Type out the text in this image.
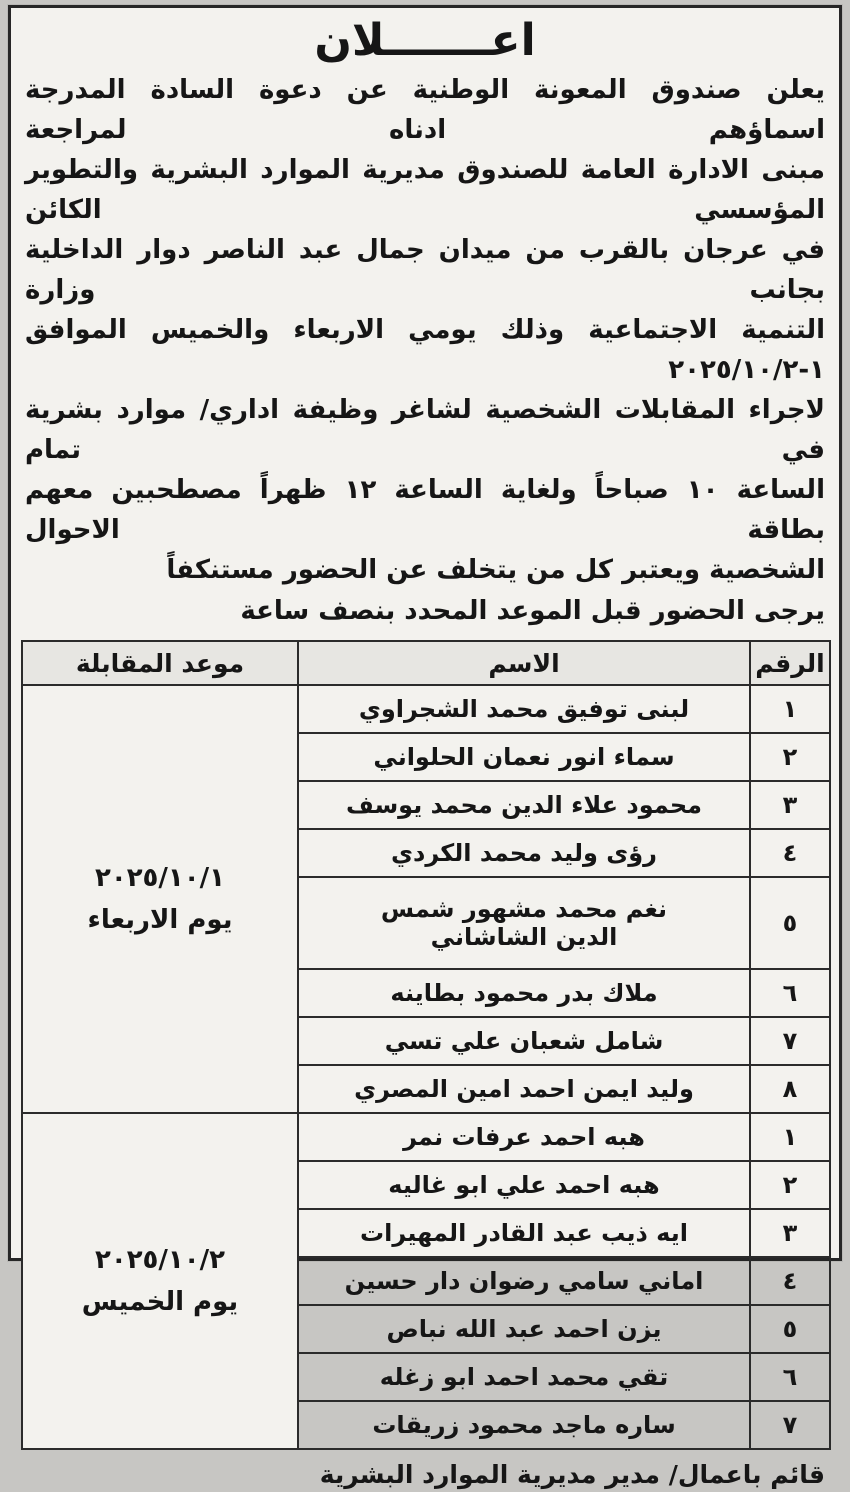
اعـــــــلان
يعلن صندوق المعونة الوطنية عن دعوة السادة المدرجة اسماؤهم ادناه لمراجعة
مبنى الادارة العامة للصندوق مديرية الموارد البشرية والتطوير المؤسسي الكائن
في عرجان بالقرب من ميدان جمال عبد الناصر دوار الداخلية بجانب وزارة
التنمية الاجتماعية وذلك يومي الاربعاء والخميس الموافق ١-٢٠٢٥/١٠/٢
لاجراء المقابلات الشخصية لشاغر وظيفة اداري/ موارد بشرية في تمام
الساعة ١٠ صباحاً ولغاية الساعة ١٢ ظهراً مصطحبين معهم بطاقة الاحوال
الشخصية ويعتبر كل من يتخلف عن الحضور مستنكفاً
يرجى الحضور قبل الموعد المحدد بنصف ساعة
الرقم	الاسم	موعد المقابلة
١	لبنى توفيق محمد الشجراوي	٢٠٢٥/١٠/١
يوم الاربعاء

٢	سماء انور نعمان الحلواني	
٣	محمود علاء الدين محمد يوسف	
٤	رؤى وليد محمد الكردي	
٥	نغم محمد مشهور شمس الدين الشاشاني	
٦	ملاك بدر محمود بطاينه	
٧	شامل شعبان علي تسي	
٨	وليد ايمن احمد امين المصري	
١	هبه احمد عرفات نمر	٢٠٢٥/١٠/٢
يوم الخميس

٢	هبه احمد علي ابو غاليه	
٣	ايه ذيب عبد القادر المهيرات	
٤	اماني سامي رضوان دار حسين	
٥	يزن احمد عبد الله نباص	
٦	تقي محمد احمد ابو زغله	
٧	ساره ماجد محمود زريقات	
قائم باعمال/ مدير مديرية الموارد البشرية
